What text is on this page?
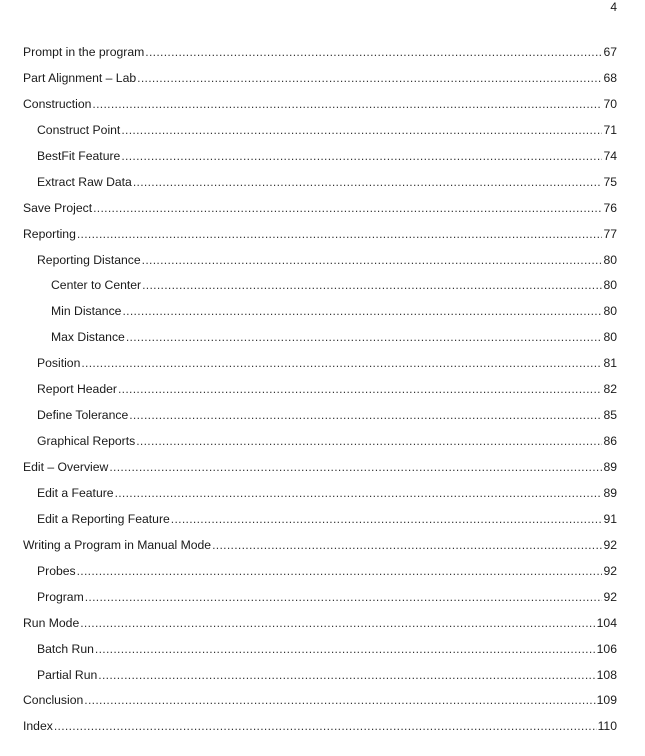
4
Prompt in the program .....	67
Part Alignment – Lab .....	68
Construction .....	70
Construct Point .....	71
BestFit Feature .....	74
Extract Raw Data .....	75
Save Project .....	76
Reporting .....	77
Reporting Distance .....	80
Center to Center .....	80
Min Distance .....	80
Max Distance .....	80
Position .....	81
Report Header .....	82
Define Tolerance .....	85
Graphical Reports .....	86
Edit – Overview .....	89
Edit a Feature .....	89
Edit a Reporting Feature .....	91
Writing a Program in Manual Mode .....	92
Probes .....	92
Program .....	92
Run Mode .....	104
Batch Run .....	106
Partial Run .....	108
Conclusion .....	109
Index .....	110
